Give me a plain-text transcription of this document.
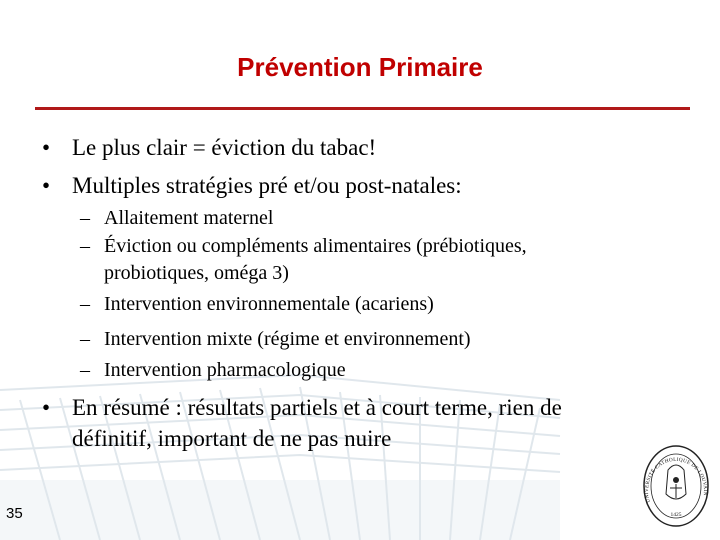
Prévention Primaire
• Le plus clair = éviction du tabac!
• Multiples stratégies pré et/ou post-natales:
– Allaitement maternel
– Éviction ou compléments alimentaires (prébiotiques,
probiotiques, oméga 3)
– Intervention environnementale (acariens)
– Intervention mixte (régime et environnement)
– Intervention pharmacologique
• En résumé : résultats partiels et à court terme, rien de
définitif, important de ne pas nuire
35
UNIVERSITÉ CATHOLIQUE DE LOUVAIN
1425
